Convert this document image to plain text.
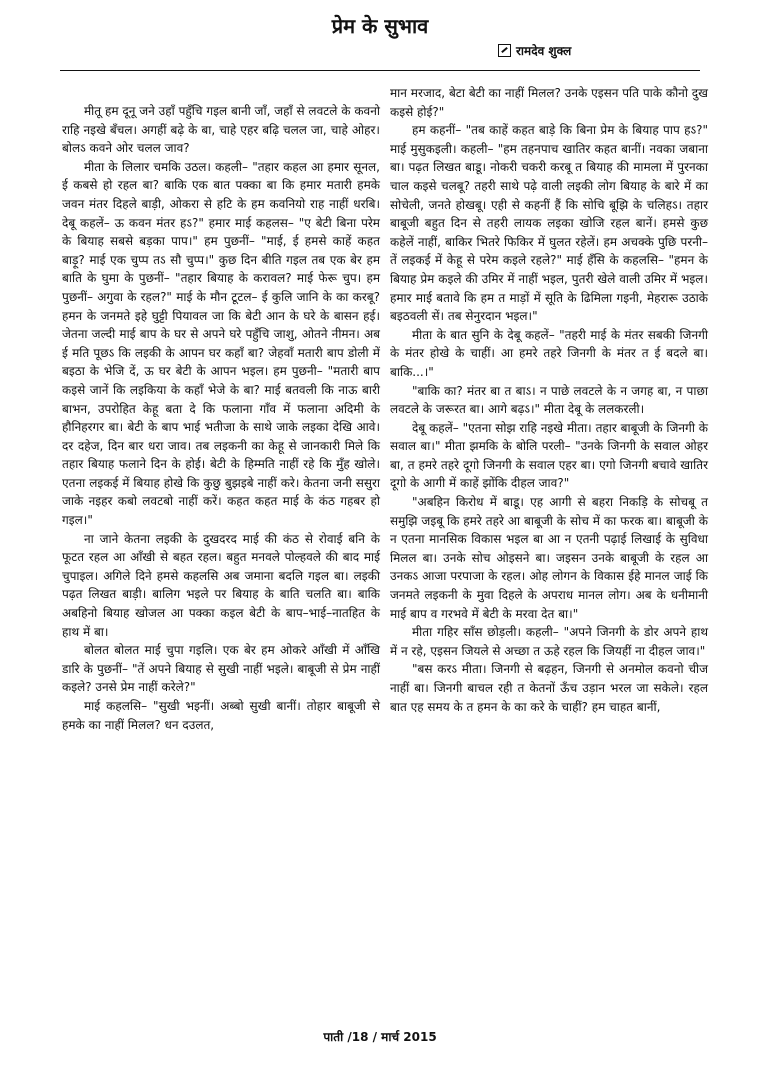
प्रेम के सुभाव
रामदेव शुक्ल

मीतू हम दूनू जने उहाँ पहुँचि गइल बानी जाँ, जहाँ से लवटले के कवनो राहि नइखे बँचल। अगहीं बढ़े के बा, चाहे एहर बढ़ि चलल जा, चाहे ओहर। बोलऽ कवने ओर चलल जाव?

मीता के लिलार चमकि उठल। कहली– "तहार कहल आ हमार सूनल, ई कबसे हो रहल बा? बाकि एक बात पक्का बा कि हमार मतारी हमके जवन मंतर दिहले बाड़ी, ओकरा से हटि के हम कवनियो राह नाहीं धरबि। देबू कहलें– ऊ कवन मंतर हऽ?" हमार माई कहलस– "ए बेटी बिना परेम के बियाह सबसे बड़का पाप।" हम पुछनीं– "माई, ई हमसे काहें कहत बाड़ू? माई एक चुप्प तऽ सौ चुप्प।" कुछ दिन बीति गइल तब एक बेर हम बाति के घुमा के पुछनीं– "तहार बियाह के करावल? माई फेरू चुप। हम पुछनीं– अगुवा के रहल?" माई के मौन टूटल– ई कुलि जानि के का करबू? हमन के जनमते इहे घुट्टी पियावल जा कि बेटी आन के घरे के बासन हई। जेतना जल्दी माई बाप के घर से अपने घरे पहुँचि जाशु, ओतने नीमन। अब ई मति पूछऽ कि लइकी के आपन घर कहाँ बा? जेहवाँ मतारी बाप डोली में बइठा के भेजि दें, ऊ घर बेटी के आपन भइल। हम पुछनी– "मतारी बाप कइसे जानें कि लइकिया के कहाँ भेजे के बा? माई बतवली कि नाऊ बारी बाभन, उपरोहित केहू बता दे कि फलाना गाँव में फलाना अदिमी के हौनिहरगर बा। बेटी के बाप भाई भतीजा के साथे जाके लइका देखि आवे। दर दहेज, दिन बार धरा जाव। तब लइकनी का केहू से जानकारी मिले कि तहार बियाह फलाने दिन के होई। बेटी के हिम्मति नाहीं रहे कि मुँह खोले। एतना लइकई में बियाह होखे कि कुछु बुझइबे नाहीं करे। केतना जनी ससुरा जाके नइहर कबो लवटबो नाहीं करें। कहत कहत माई के कंठ गहबर हो गइल।"

ना जाने केतना लइकी के दुखदरद माई की कंठ से रोवाई बनि के फूटत रहल आ आँखी से बहत रहल। बहुत मनवले पोल्हवले की बाद माई चुपाइल। अगिले दिने हमसे कहलसि अब जमाना बदलि गइल बा। लइकी पढ़त लिखत बाड़ी। बालिग भइले पर बियाह के बाति चलति बा। बाकि अबहिनो बियाह खोजल आ पक्का कइल बेटी के बाप–भाई–नातहित के हाथ में बा।

बोलत बोलत माई चुपा गइलि। एक बेर हम ओकरे आँखी में आँखि डारि के पुछनीं– "तें अपने बियाह से सुखी नाहीं भइले। बाबूजी से प्रेम नाहीं कइले? उनसे प्रेम नाहीं करेले?"

माई कहलसि– "सुखी भइनीं। अब्बो सुखी बानीं। तोहार बाबूजी से हमके का नाहीं मिलल? धन दउलत,

मान मरजाद, बेटा बेटी का नाहीं मिलल? उनके एइसन पति पाके कौनो दुख कइसे होई?"

हम कहनीं– "तब काहें कहत बाड़े कि बिना प्रेम के बियाह पाप हऽ?" माई मुसुकइली। कहली– "हम तहनपाच खातिर कहत बानीं। नवका जबाना बा। पढ़त लिखत बाडू। नोकरी चकरी करबू त बियाह की मामला में पुरनका चाल कइसे चलबू? तहरी साथे पढ़े वाली लइकी लोग बियाह के बारे में का सोचेली, जनते होखबू। एही से कहनीं हैं कि सोचि बूझि के चलिहऽ। तहार बाबूजी बहुत दिन से तहरी लायक लइका खोजि रहल बानें। हमसे कुछ कहेलें नाहीं, बाकिर भितरे फिकिर में घुलत रहेलें। हम अचक्के पुछि परनी– तें लइकई में केहू से परेम कइले रहले?" माई हँसि के कहलसि– "हमन के बियाह प्रेम कइले की उमिर में नाहीं भइल, पुतरी खेले वाली उमिर में भइल। हमार माई बतावे कि हम त माड़ों में सूति के ढिमिला गइनी, मेहरारू उठाके बइठवली सें। तब सेनुरदान भइल।"

मीता के बात सुनि के देबू कहलें– "तहरी माई के मंतर सबकी जिनगी के मंतर होखे के चाहीं। आ हमरे तहरे जिनगी के मंतर त ई बदले बा। बाकि...।"

"बाकि का? मंतर बा त बाऽ। न पाछे लवटले के न जगह बा, न पाछा लवटले के जरूरत बा। आगे बढ़ऽ।" मीता देबू के ललकरली।

देबू कहलें– "एतना सोझ राहि नइखे मीता। तहार बाबूजी के जिनगी के सवाल बा।" मीता झमकि के बोलि परली– "उनके जिनगी के सवाल ओहर बा, त हमरे तहरे दूगो जिनगी के सवाल एहर बा। एगो जिनगी बचावे खातिर दूगो के आगी में काहें झोंकि दीहल जाव?"

"अबहिन किरोध में बाडू। एह आगी से बहरा निकड़ि के सोचबू त समुझि जइबू कि हमरे तहरे आ बाबूजी के सोच में का फरक बा। बाबूजी के न एतना मानसिक विकास भइल बा आ न एतनी पढ़ाई लिखाई के सुविधा मिलल बा। उनके सोच ओइसने बा। जइसन उनके बाबूजी के रहल आ उनकऽ आजा परपाजा के रहल। ओह लोगन के विकास ईहे मानल जाई कि जनमते लइकनी के मुवा दिहले के अपराध मानल लोग। अब के धनीमानी माई बाप व गरभवे में बेटी के मरवा देत बा।"

मीता गहिर साँस छोड़ली। कहली– "अपने जिनगी के डोर अपने हाथ में न रहे, एइसन जियले से अच्छा त ऊहे रहल कि जियहीं ना दीहल जाव।"

"बस करऽ मीता। जिनगी से बढ़हन, जिनगी से अनमोल कवनो चीज नाहीं बा। जिनगी बाचल रही त केतनों ऊँच उड़ान भरल जा सकेले। रहल बात एह समय के त हमन के का करे के चाहीं? हम चाहत बानीं,

पाती /18 / मार्च 2015
